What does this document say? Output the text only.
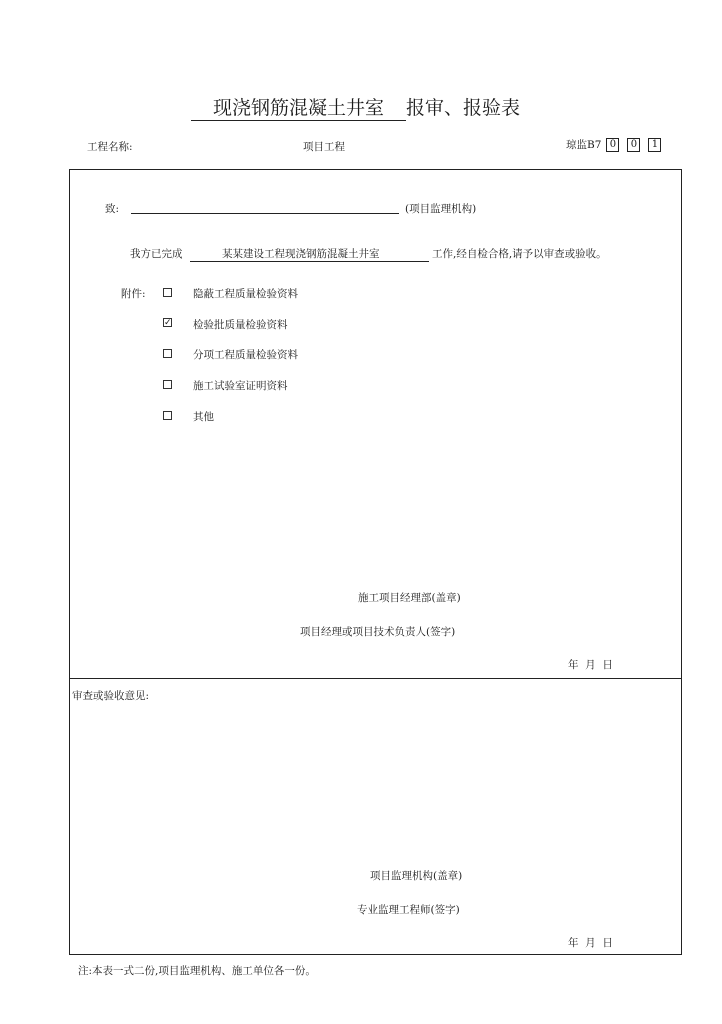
现浇钢筋混凝土井室 报审、报验表
工程名称:	项目工程	琼监B7 0 0 1
致:	(项目监理机构)
我方已完成	某某建设工程现浇钢筋混凝土井室	工作,经自检合格,请予以审查或验收。
附件:	隐蔽工程质量检验资料
✓ 检验批质量检验资料
分项工程质量检验资料
施工试验室证明资料
其他
施工项目经理部(盖章)
项目经理或项目技术负责人(签字)
年  月  日
审查或验收意见:
项目监理机构(盖章)
专业监理工程师(签字)
年  月  日
注:本表一式二份,项目监理机构、施工单位各一份。
